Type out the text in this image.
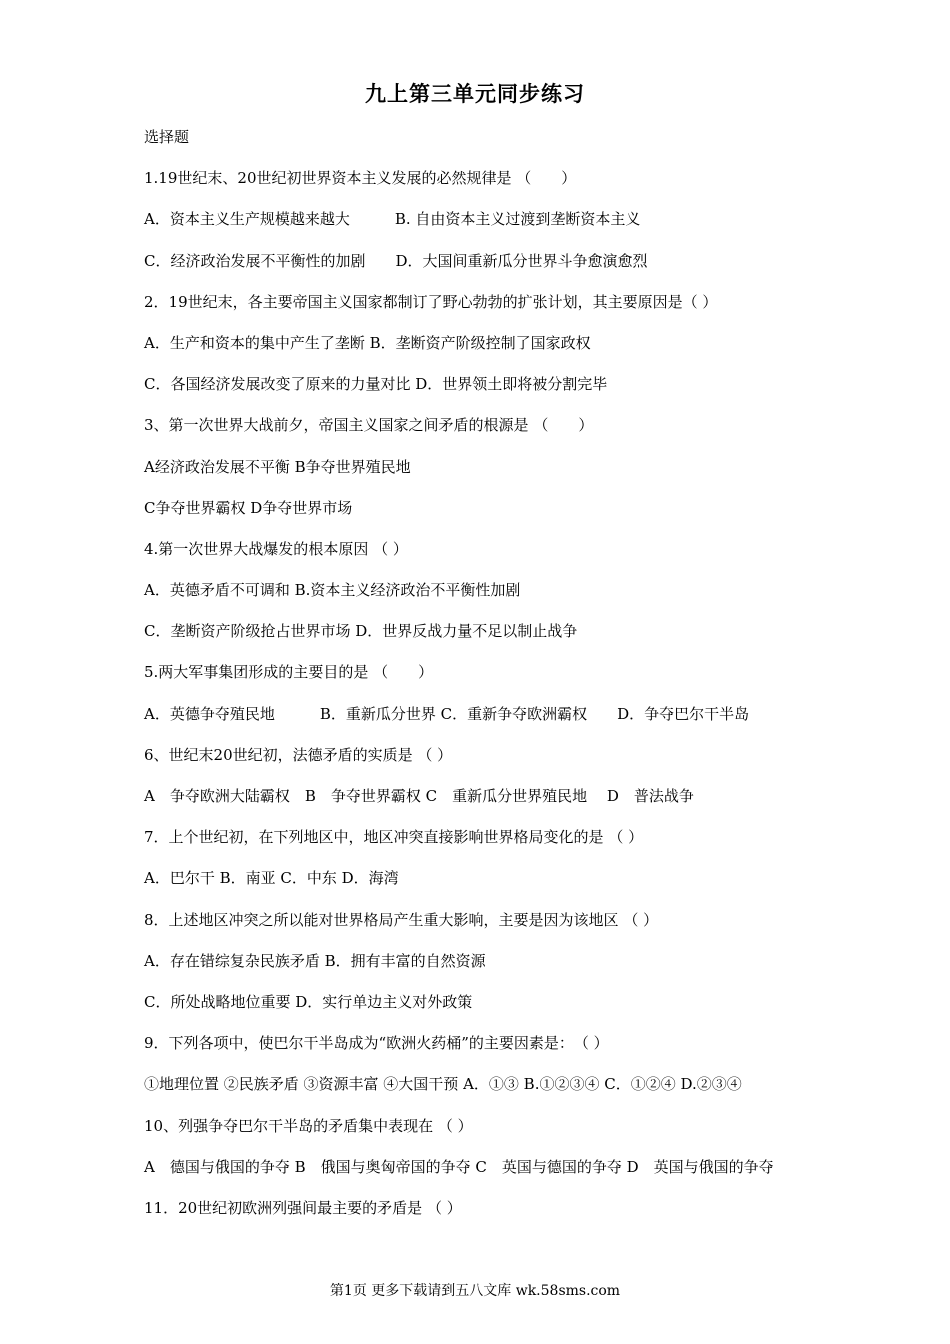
九上第三单元同步练习
选择题
1.19世纪末、20世纪初世界资本主义发展的必然规律是 （　　）
A．资本主义生产规模越来越大　　　B. 自由资本主义过渡到垄断资本主义
C．经济政治发展不平衡性的加剧　　D．大国间重新瓜分世界斗争愈演愈烈
2．19世纪末，各主要帝国主义国家都制订了野心勃勃的扩张计划，其主要原因是（ ）
A．生产和资本的集中产生了垄断 B．垄断资产阶级控制了国家政权
C．各国经济发展改变了原来的力量对比 D．世界领土即将被分割完毕
3、第一次世界大战前夕，帝国主义国家之间矛盾的根源是 （　　）
A经济政治发展不平衡 B争夺世界殖民地
C争夺世界霸权 D争夺世界市场
4.第一次世界大战爆发的根本原因 （ ）
A．英德矛盾不可调和 B.资本主义经济政治不平衡性加剧
C．垄断资产阶级抢占世界市场 D．世界反战力量不足以制止战争
5.两大军事集团形成的主要目的是 （　　）
A．英德争夺殖民地　　　B．重新瓜分世界 C．重新争夺欧洲霸权　　D．争夺巴尔干半岛
6、世纪末20世纪初，法德矛盾的实质是 （ ）
A　争夺欧洲大陆霸权　B　争夺世界霸权 C　重新瓜分世界殖民地　 D　普法战争
7．上个世纪初，在下列地区中，地区冲突直接影响世界格局变化的是 （ ）
A．巴尔干 B．南亚 C．中东 D．海湾
8．上述地区冲突之所以能对世界格局产生重大影响，主要是因为该地区 （ ）
A．存在错综复杂民族矛盾 B．拥有丰富的自然资源
C．所处战略地位重要 D．实行单边主义对外政策
9．下列各项中，使巴尔干半岛成为“欧洲火药桶”的主要因素是：　（ ）
①地理位置 ②民族矛盾 ③资源丰富 ④大国干预 A．①③ B.①②③④ C．①②④ D.②③④
10、列强争夺巴尔干半岛的矛盾集中表现在 （ ）
A　德国与俄国的争夺 B　俄国与奥匈帝国的争夺 C　英国与德国的争夺 D　英国与俄国的争夺
11．20世纪初欧洲列强间最主要的矛盾是 （ ）
第1页 更多下载请到五八文库 wk.58sms.com
